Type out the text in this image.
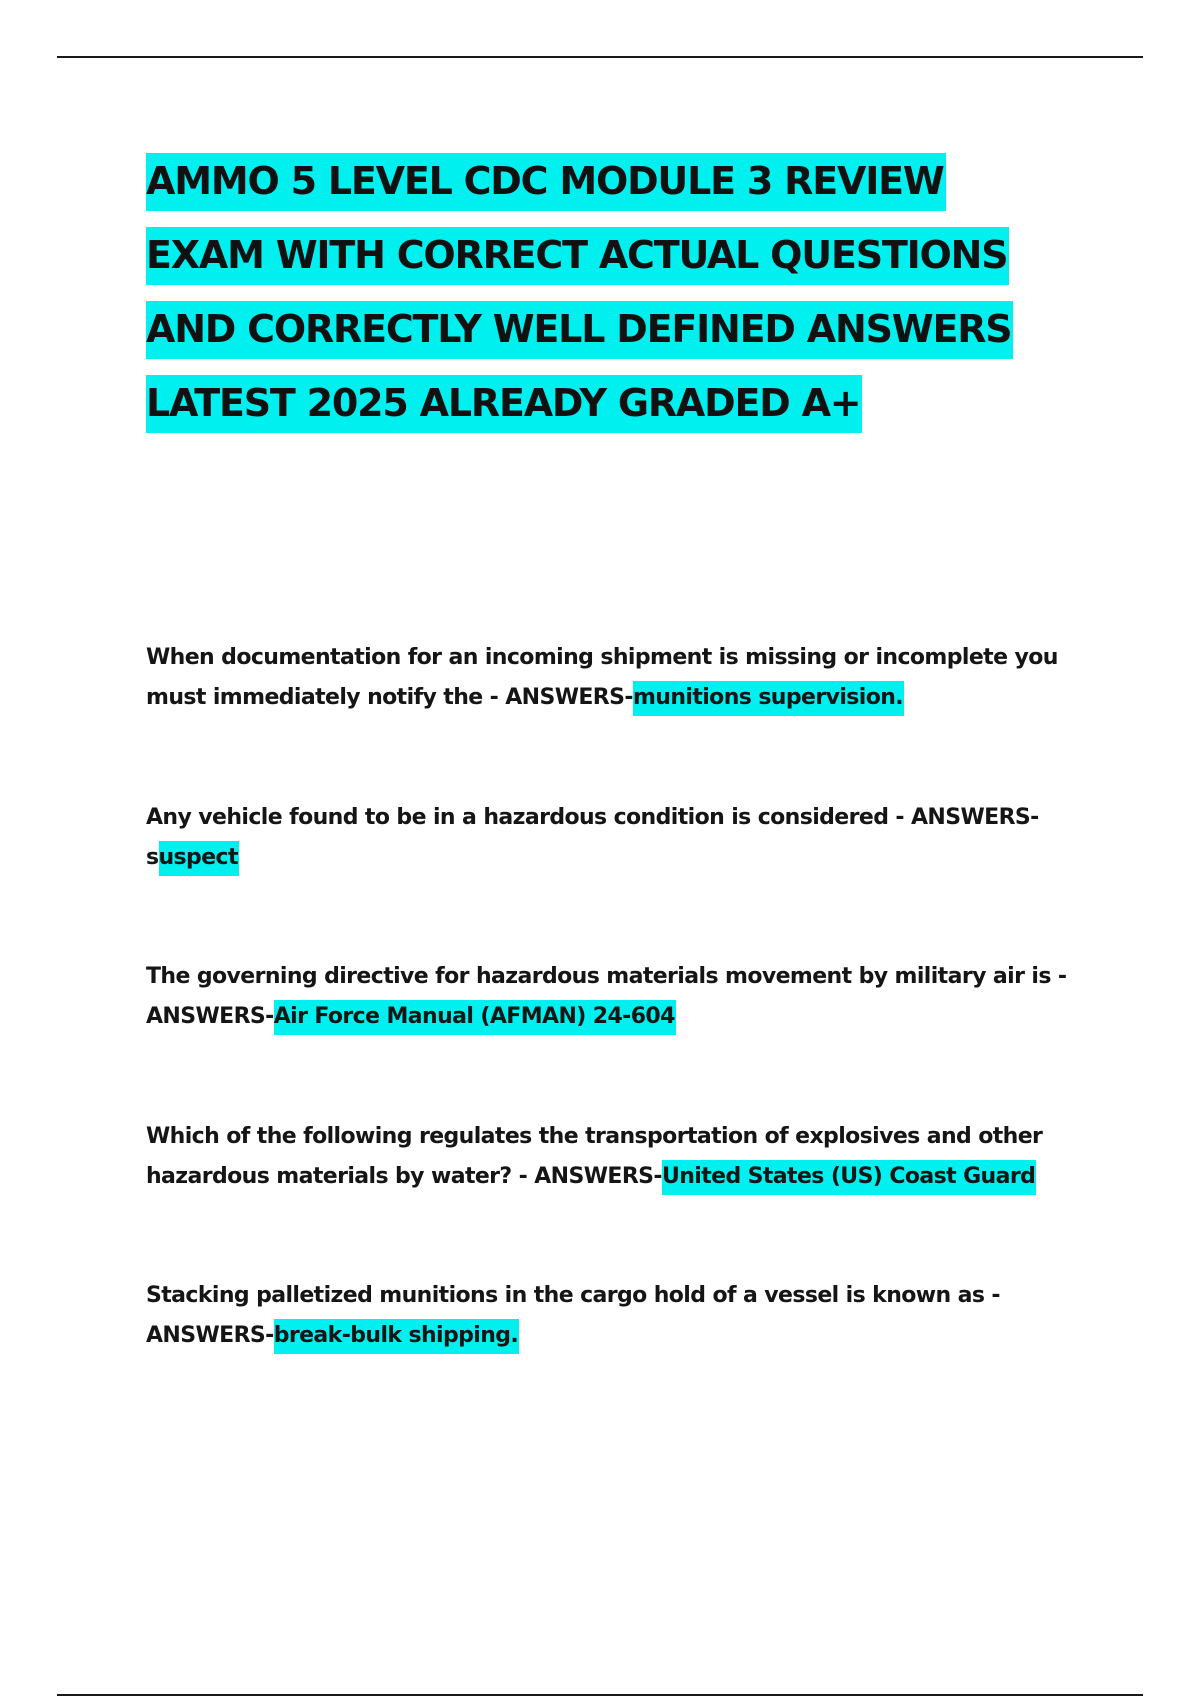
AMMO 5 LEVEL CDC MODULE 3 REVIEW
EXAM WITH CORRECT ACTUAL QUESTIONS
AND CORRECTLY WELL DEFINED ANSWERS
LATEST 2025 ALREADY GRADED A+

When documentation for an incoming shipment is missing or incomplete you must immediately notify the - ANSWERS-munitions supervision.

Any vehicle found to be in a hazardous condition is considered - ANSWERS-suspect

The governing directive for hazardous materials movement by military air is - ANSWERS-Air Force Manual (AFMAN) 24-604

Which of the following regulates the transportation of explosives and other hazardous materials by water? - ANSWERS-United States (US) Coast Guard

Stacking palletized munitions in the cargo hold of a vessel is known as - ANSWERS-break-bulk shipping.
